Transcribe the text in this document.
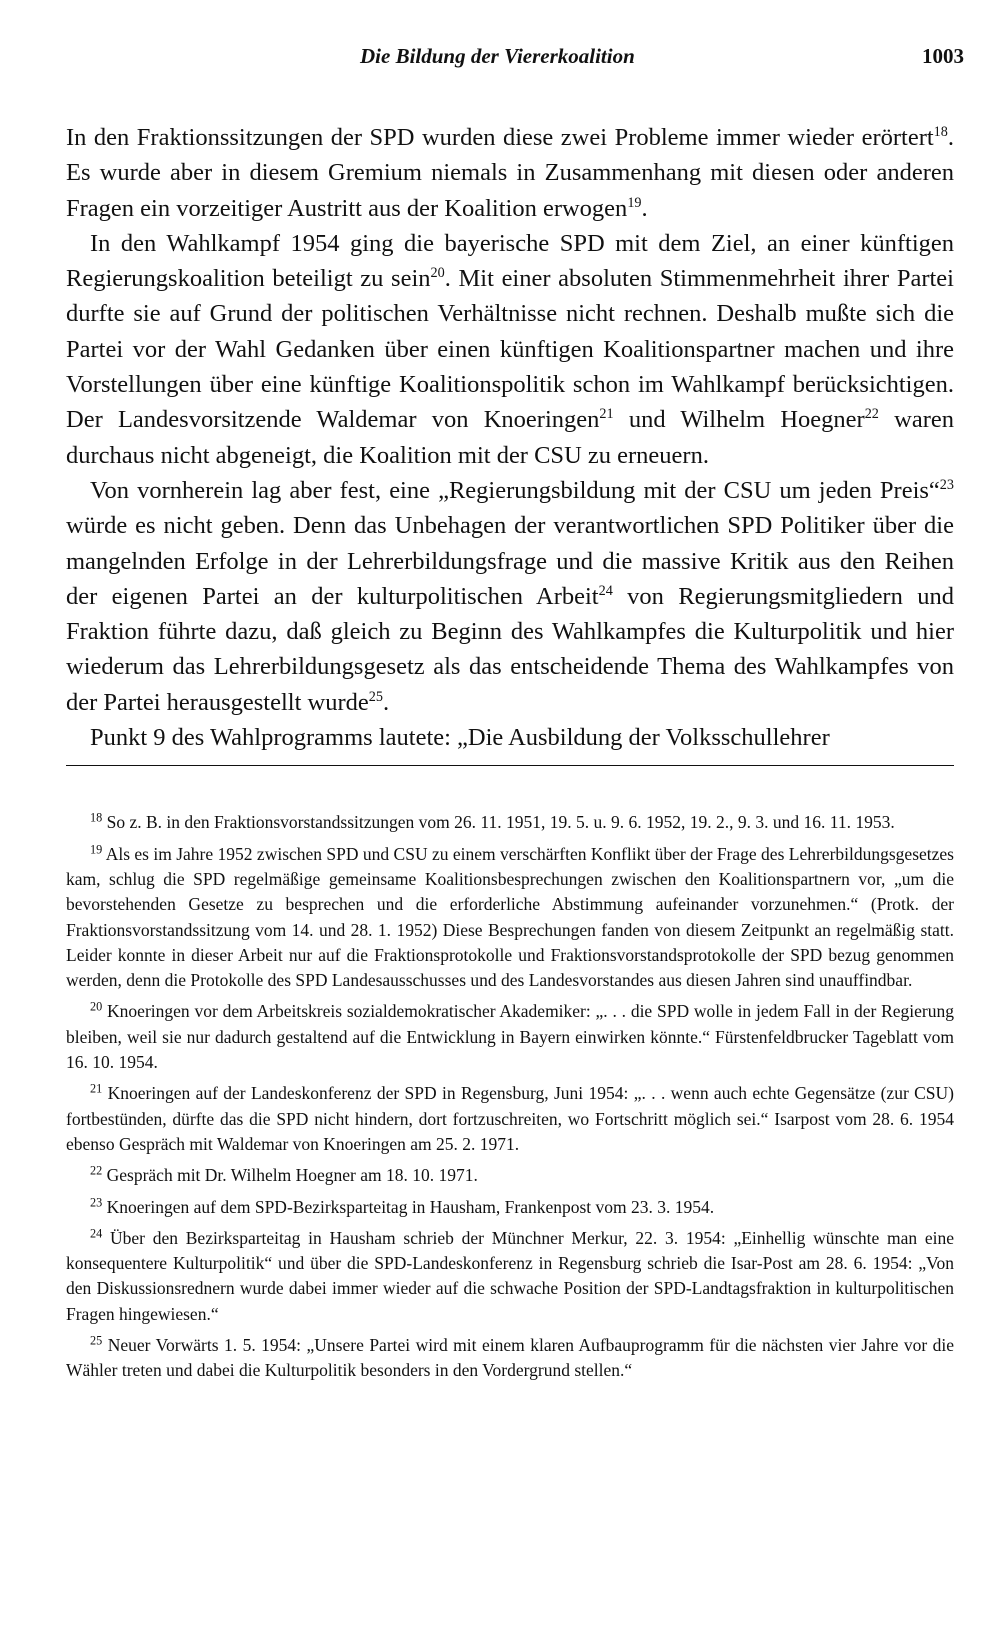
Die Bildung der Viererkoalition	1003

In den Fraktionssitzungen der SPD wurden diese zwei Probleme immer wieder erörtert$^{18}$. Es wurde aber in diesem Gremium niemals in Zusammenhang mit diesen oder anderen Fragen ein vorzeitiger Austritt aus der Koalition erwogen$^{19}$.

In den Wahlkampf 1954 ging die bayerische SPD mit dem Ziel, an einer künftigen Regierungskoalition beteiligt zu sein$^{20}$. Mit einer absoluten Stimmenmehrheit ihrer Partei durfte sie auf Grund der politischen Verhältnisse nicht rechnen. Deshalb mußte sich die Partei vor der Wahl Gedanken über einen künftigen Koalitionspartner machen und ihre Vorstellungen über eine künftige Koalitionspolitik schon im Wahlkampf berücksichtigen. Der Landesvorsitzende Waldemar von Knoeringen$^{21}$ und Wilhelm Hoegner$^{22}$ waren durchaus nicht abgeneigt, die Koalition mit der CSU zu erneuern.

Von vornherein lag aber fest, eine „Regierungsbildung mit der CSU um jeden Preis“$^{23}$ würde es nicht geben. Denn das Unbehagen der verantwortlichen SPD Politiker über die mangelnden Erfolge in der Lehrerbildungsfrage und die massive Kritik aus den Reihen der eigenen Partei an der kulturpolitischen Arbeit$^{24}$ von Regierungsmitgliedern und Fraktion führte dazu, daß gleich zu Beginn des Wahlkampfes die Kulturpolitik und hier wiederum das Lehrerbildungsgesetz als das entscheidende Thema des Wahlkampfes von der Partei herausgestellt wurde$^{25}$.

Punkt 9 des Wahlprogramms lautete: „Die Ausbildung der Volksschullehrer

$^{18}$ So z. B. in den Fraktionsvorstandssitzungen vom 26. 11. 1951, 19. 5. u. 9. 6. 1952, 19. 2., 9. 3. und 16. 11. 1953.

$^{19}$ Als es im Jahre 1952 zwischen SPD und CSU zu einem verschärften Konflikt über der Frage des Lehrerbildungsgesetzes kam, schlug die SPD regelmäßige gemeinsame Koalitionsbesprechungen zwischen den Koalitionspartnern vor, „um die bevorstehenden Gesetze zu besprechen und die erforderliche Abstimmung aufeinander vorzunehmen.“ (Protk. der Fraktionsvorstandssitzung vom 14. und 28. 1. 1952) Diese Besprechungen fanden von diesem Zeitpunkt an regelmäßig statt. Leider konnte in dieser Arbeit nur auf die Fraktionsprotokolle und Fraktionsvorstandsprotokolle der SPD bezug genommen werden, denn die Protokolle des SPD Landesausschusses und des Landesvorstandes aus diesen Jahren sind unauffindbar.

$^{20}$ Knoeringen vor dem Arbeitskreis sozialdemokratischer Akademiker: „. . . die SPD wolle in jedem Fall in der Regierung bleiben, weil sie nur dadurch gestaltend auf die Entwicklung in Bayern einwirken könnte.“ Fürstenfeldbrucker Tageblatt vom 16. 10. 1954.

$^{21}$ Knoeringen auf der Landeskonferenz der SPD in Regensburg, Juni 1954: „. . . wenn auch echte Gegensätze (zur CSU) fortbestünden, dürfte das die SPD nicht hindern, dort fortzuschreiten, wo Fortschritt möglich sei.“ Isarpost vom 28. 6. 1954 ebenso Gespräch mit Waldemar von Knoeringen am 25. 2. 1971.

$^{22}$ Gespräch mit Dr. Wilhelm Hoegner am 18. 10. 1971.

$^{23}$ Knoeringen auf dem SPD-Bezirksparteitag in Hausham, Frankenpost vom 23. 3. 1954.

$^{24}$ Über den Bezirksparteitag in Hausham schrieb der Münchner Merkur, 22. 3. 1954: „Einhellig wünschte man eine konsequentere Kulturpolitik“ und über die SPD-Landeskonferenz in Regensburg schrieb die Isar-Post am 28. 6. 1954: „Von den Diskussionsrednern wurde dabei immer wieder auf die schwache Position der SPD-Landtagsfraktion in kulturpolitischen Fragen hingewiesen.“

$^{25}$ Neuer Vorwärts 1. 5. 1954: „Unsere Partei wird mit einem klaren Aufbauprogramm für die nächsten vier Jahre vor die Wähler treten und dabei die Kulturpolitik besonders in den Vordergrund stellen.“
